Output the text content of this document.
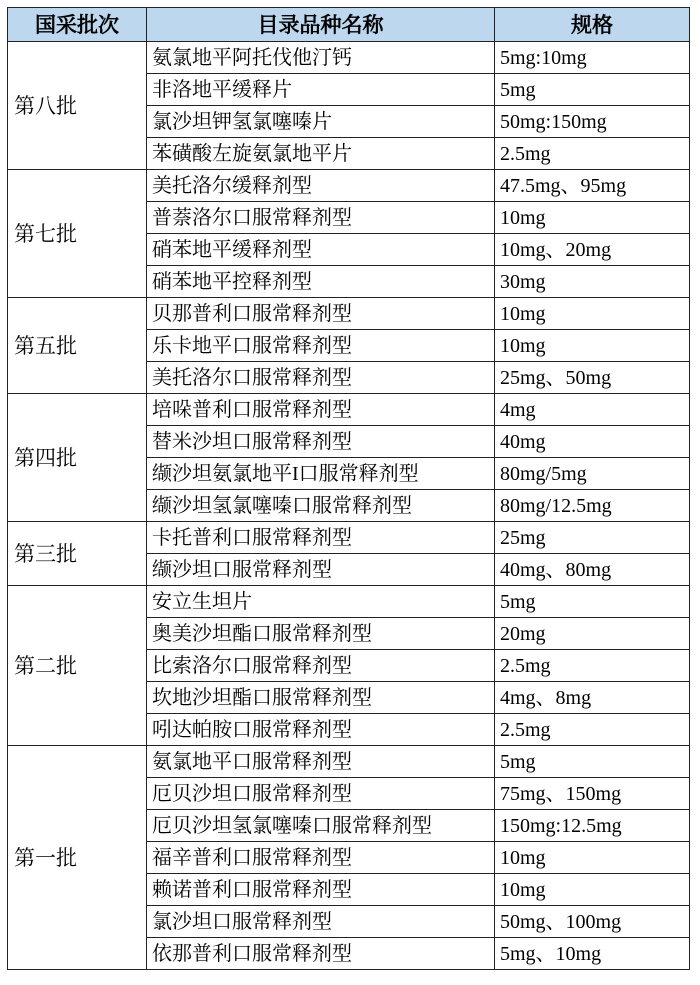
国采批次	目录品种名称	规格
第八批	氨氯地平阿托伐他汀钙	5mg:10mg
	非洛地平缓释片	5mg
	氯沙坦钾氢氯噻嗪片	50mg:150mg
	苯磺酸左旋氨氯地平片	2.5mg
第七批	美托洛尔缓释剂型	47.5mg、95mg
	普萘洛尔口服常释剂型	10mg
	硝苯地平缓释剂型	10mg、20mg
	硝苯地平控释剂型	30mg
第五批	贝那普利口服常释剂型	10mg
	乐卡地平口服常释剂型	10mg
	美托洛尔口服常释剂型	25mg、50mg
第四批	培哚普利口服常释剂型	4mg
	替米沙坦口服常释剂型	40mg
	缬沙坦氨氯地平I口服常释剂型	80mg/5mg
	缬沙坦氢氯噻嗪口服常释剂型	80mg/12.5mg
第三批	卡托普利口服常释剂型	25mg
	缬沙坦口服常释剂型	40mg、80mg
第二批	安立生坦片	5mg
	奥美沙坦酯口服常释剂型	20mg
	比索洛尔口服常释剂型	2.5mg
	坎地沙坦酯口服常释剂型	4mg、8mg
	吲达帕胺口服常释剂型	2.5mg
第一批	氨氯地平口服常释剂型	5mg
	厄贝沙坦口服常释剂型	75mg、150mg
	厄贝沙坦氢氯噻嗪口服常释剂型	150mg:12.5mg
	福辛普利口服常释剂型	10mg
	赖诺普利口服常释剂型	10mg
	氯沙坦口服常释剂型	50mg、100mg
	依那普利口服常释剂型	5mg、10mg
